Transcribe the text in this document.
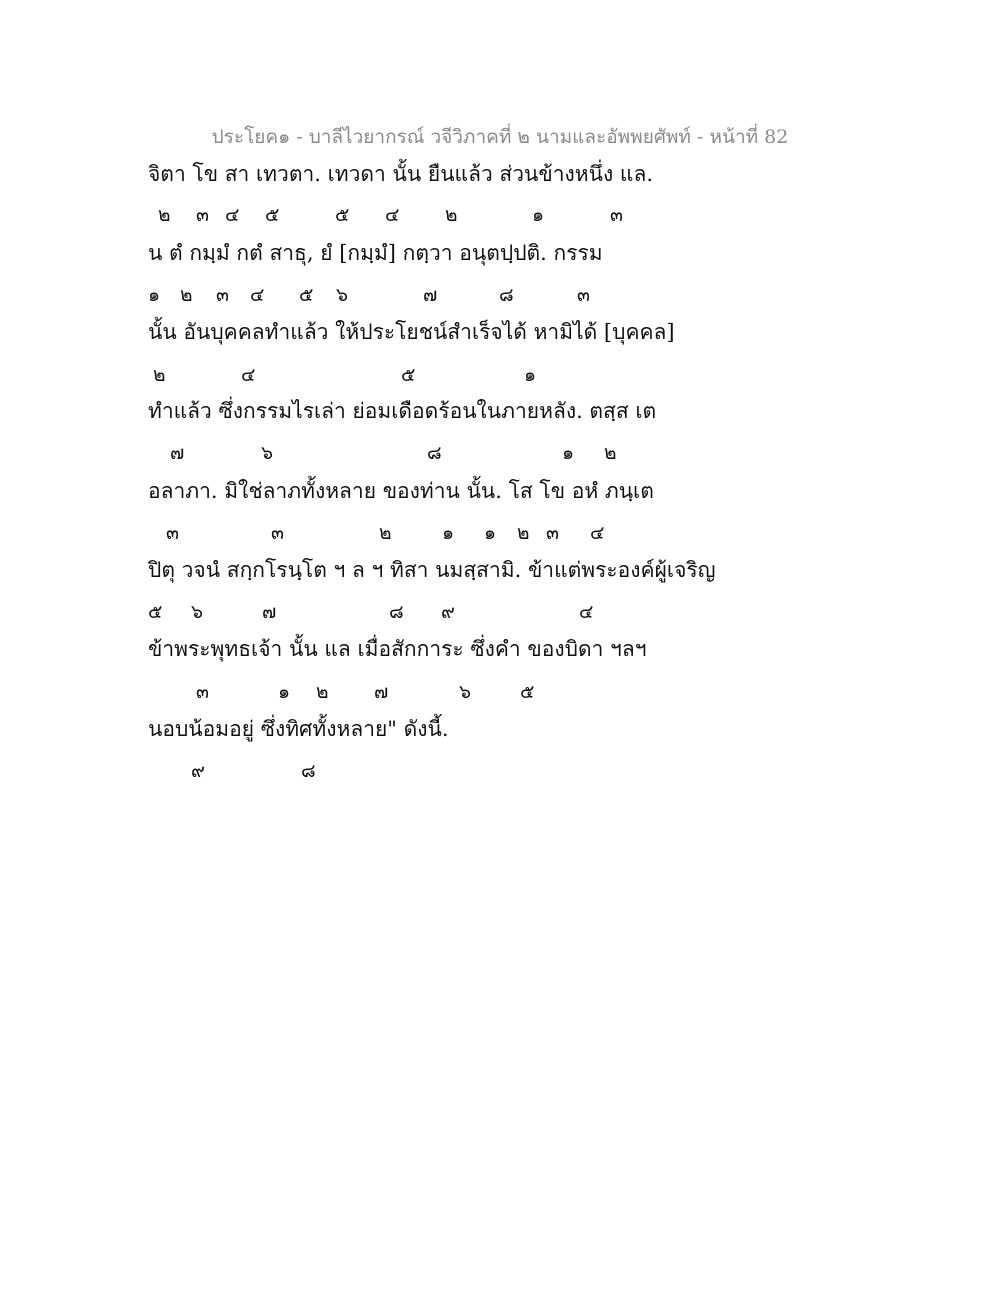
ประโยค๑ - บาลีไวยากรณ์ วจีวิภาคที่ ๒ นามและอัพพยศัพท์ - หน้าที่ 82
จิตา โข สา เทวตา. เทวดา นั้น ยืนแล้ว ส่วนข้างหนึ่ง แล.
๒ ๓ ๔ ๕	๕ ๔ ๒	๑	๓
น ตํ กมฺมํ กตํ สาธุ, ยํ [กมฺมํ] กตฺวา อนุตปฺปติ. กรรม
๑ ๒ ๓ ๔ ๕ ๖	๗	๘	๓
นั้น อันบุคคลทำแล้ว ให้ประโยชน์สำเร็จได้ หามิได้ [บุคคล]
๒	๔	๕	๑
ทำแล้ว ซึ่งกรรมไรเล่า ย่อมเดือดร้อนในภายหลัง. ตสฺส เต
๗	๖	๘	๑ ๒
อลาภา. มิใช่ลาภทั้งหลาย ของท่าน นั้น. โส โข อหํ ภนฺเต
๓	๓	๒	๑ ๑ ๒ ๓ ๔
ปิตุ วจนํ สกฺกโรนฺโต ฯ ล ฯ ทิสา นมสฺสามิ. ข้าแต่พระองค์ผู้เจริญ
๕ ๖	๗	๘ ๙	๔
ข้าพระพุทธเจ้า นั้น แล เมื่อสักการะ ซึ่งคำ ของบิดา ฯลฯ
๓	๑ ๒ ๗	๖	๕
นอบน้อมอยู่ ซึ่งทิศทั้งหลาย" ดังนี้.
๙	๘
